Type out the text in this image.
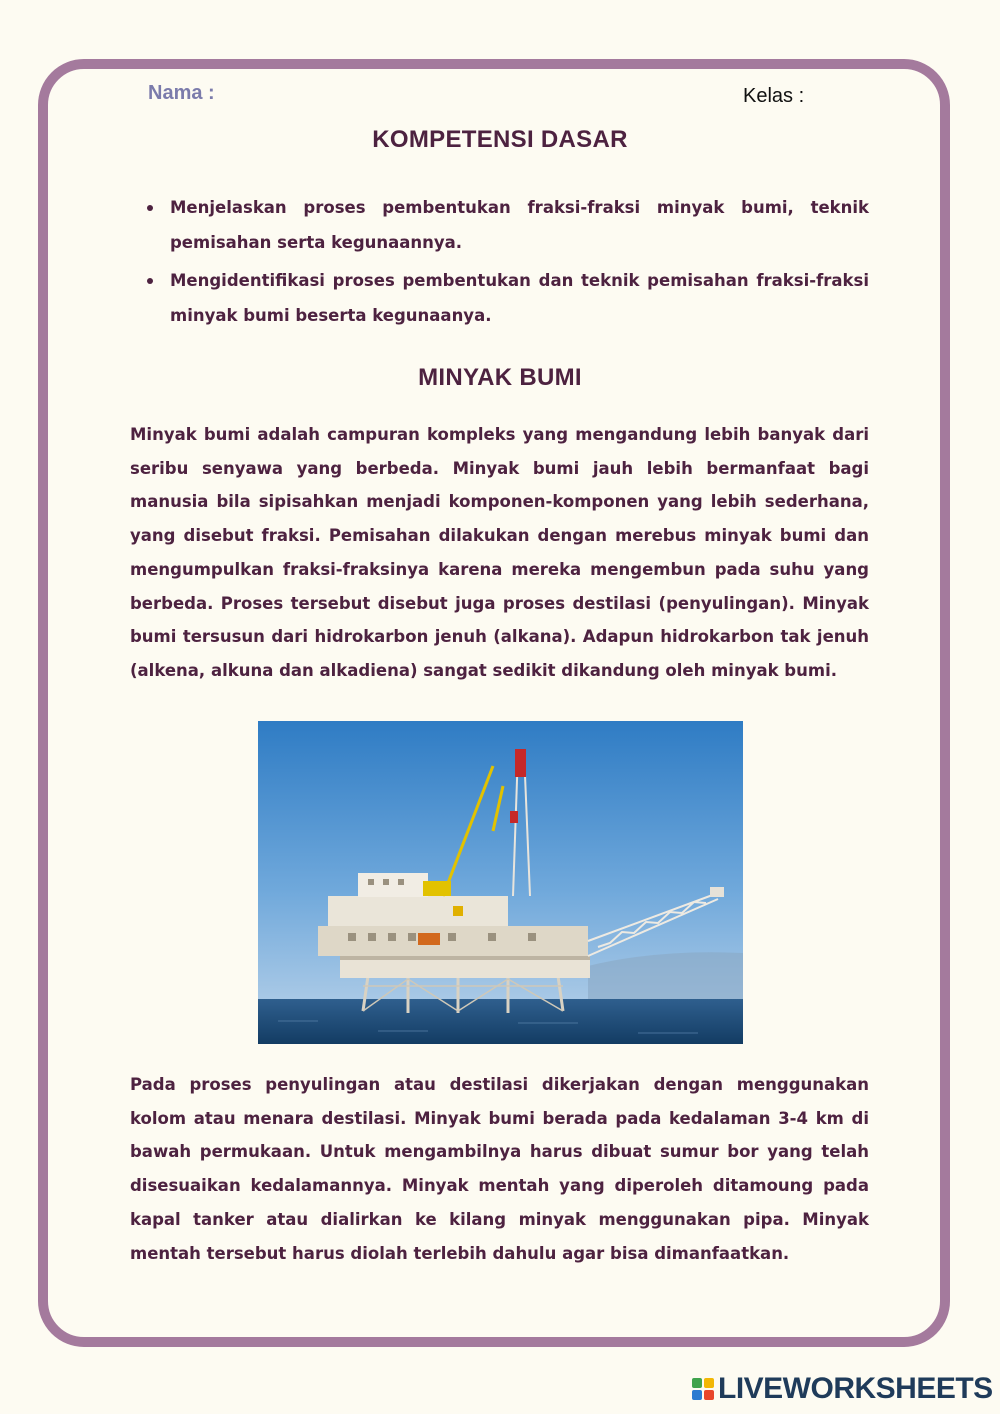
Nama :	Kelas :
KOMPETENSI DASAR
Menjelaskan proses pembentukan fraksi-fraksi minyak bumi, teknik pemisahan serta kegunaannya.
Mengidentifikasi proses pembentukan dan teknik pemisahan fraksi-fraksi minyak bumi beserta kegunaanya.
MINYAK BUMI

Minyak bumi adalah campuran kompleks yang mengandung lebih banyak dari seribu senyawa yang berbeda. Minyak bumi jauh lebih bermanfaat bagi manusia bila sipisahkan menjadi komponen-komponen yang lebih sederhana, yang disebut fraksi. Pemisahan dilakukan dengan merebus minyak bumi dan mengumpulkan fraksi-fraksinya karena mereka mengembun pada suhu yang berbeda. Proses tersebut disebut juga proses destilasi (penyulingan). Minyak bumi tersusun dari hidrokarbon jenuh (alkana). Adapun hidrokarbon tak jenuh (alkena, alkuna dan alkadiena) sangat sedikit dikandung oleh minyak bumi.

Pada proses penyulingan atau destilasi dikerjakan dengan menggunakan kolom atau menara destilasi. Minyak bumi berada pada kedalaman 3-4 km di bawah permukaan. Untuk mengambilnya harus dibuat sumur bor yang telah disesuaikan kedalamannya. Minyak mentah yang diperoleh ditamoung pada kapal tanker atau dialirkan ke kilang minyak menggunakan pipa. Minyak mentah tersebut harus diolah terlebih dahulu agar bisa dimanfaatkan.

LIVEWORKSHEETS
